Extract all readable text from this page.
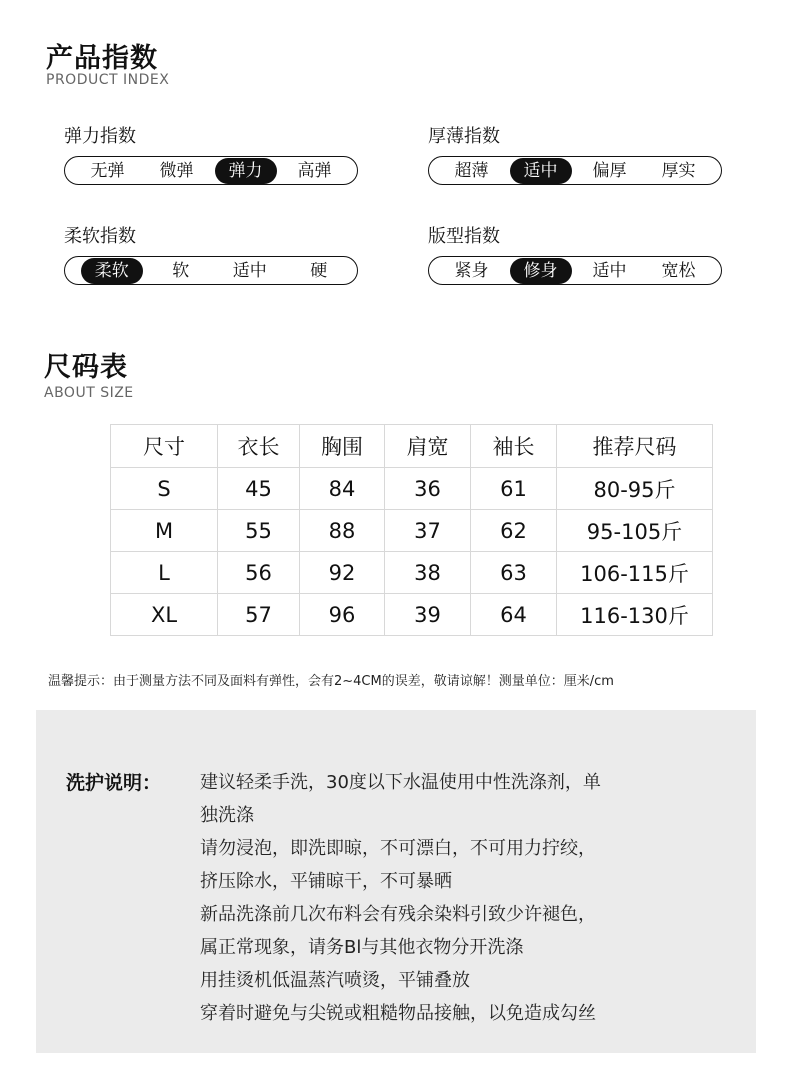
产品指数
PRODUCT INDEX
弹力指数
无弹	微弹	弹力	高弹
厚薄指数
超薄	适中	偏厚	厚实
柔软指数
柔软	软	适中	硬
版型指数
紧身	修身	适中	宽松
尺码表
ABOUT SIZE
尺寸	衣长	胸围	肩宽	袖长	推荐尺码
S	45	84	36	61	80-95斤
M	55	88	37	62	95-105斤
L	56	92	38	63	106-115斤
XL	57	96	39	64	116-130斤
温馨提示：由于测量方法不同及面料有弹性，会有2~4CM的误差，敬请谅解！测量单位：厘米/cm
洗护说明： 建议轻柔手洗，30度以下水温使用中性洗涤剂，单
独洗涤
请勿浸泡，即洗即晾，不可漂白，不可用力拧绞，
挤压除水，平铺晾干，不可暴晒
新品洗涤前几次布料会有残余染料引致少许褪色，
属正常现象，请务Bl与其他衣物分开洗涤
用挂烫机低温蒸汽喷烫，平铺叠放
穿着时避免与尖锐或粗糙物品接触，以免造成勾丝
